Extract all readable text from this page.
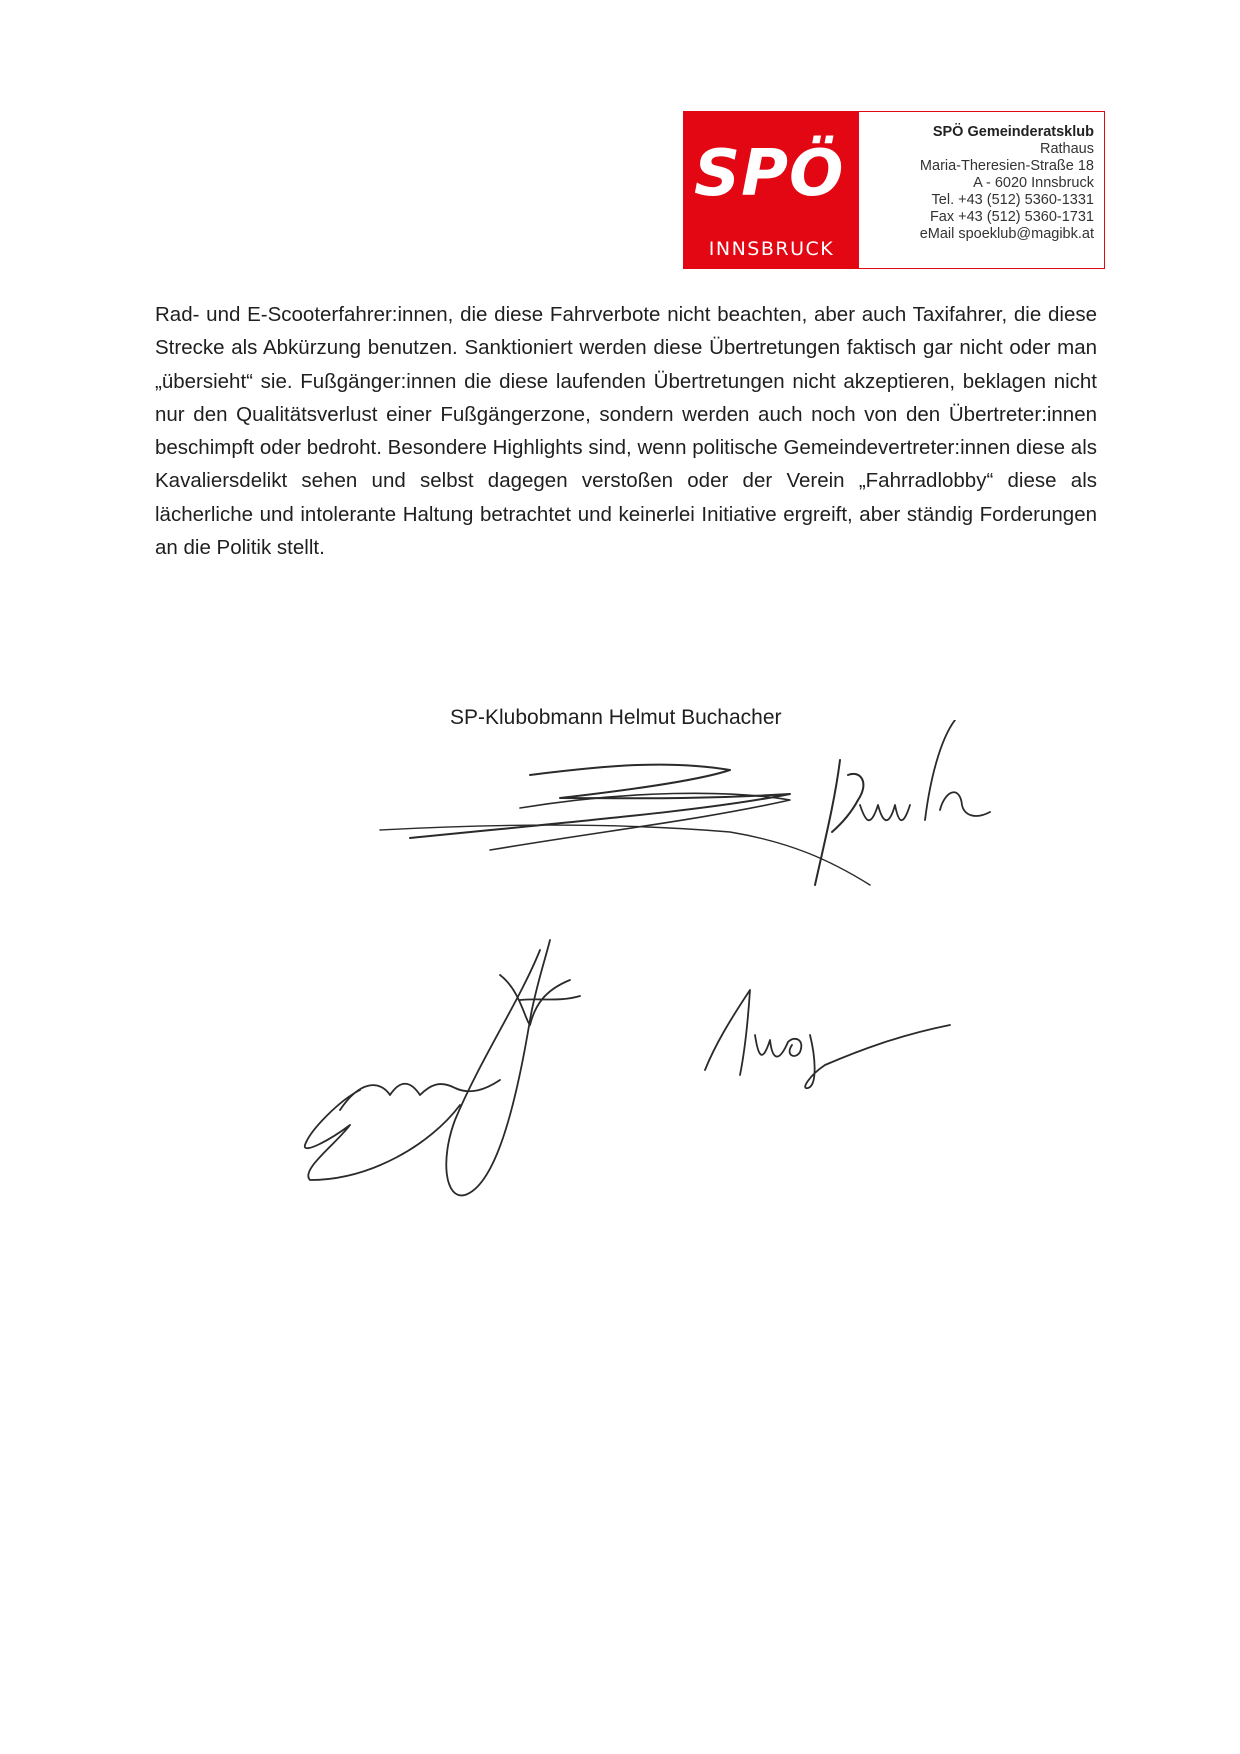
SPÖ
INNSBRUCK
SPÖ Gemeinderatsklub
Rathaus
Maria-Theresien-Straße 18
A - 6020 Innsbruck
Tel. +43 (512) 5360-1331
Fax +43 (512) 5360-1731
eMail spoeklub@magibk.at

Rad- und E-Scooterfahrer:innen, die diese Fahrverbote nicht beachten, aber auch Taxifahrer, die diese Strecke als Abkürzung benutzen. Sanktioniert werden diese Übertretungen faktisch gar nicht oder man „übersieht“ sie. Fußgänger:innen die diese laufenden Übertretungen nicht akzeptieren, beklagen nicht nur den Qualitätsverlust einer Fußgängerzone, sondern werden auch noch von den Übertreter:innen beschimpft oder bedroht. Besondere Highlights sind, wenn politische Gemeindevertreter:innen diese als Kavaliersdelikt sehen und selbst dagegen verstoßen oder der Verein „Fahrradlobby“ diese als lächerliche und intolerante Haltung betrachtet und keinerlei Initiative ergreift, aber ständig Forderungen an die Politik stellt.

SP-Klubobmann Helmut Buchacher
